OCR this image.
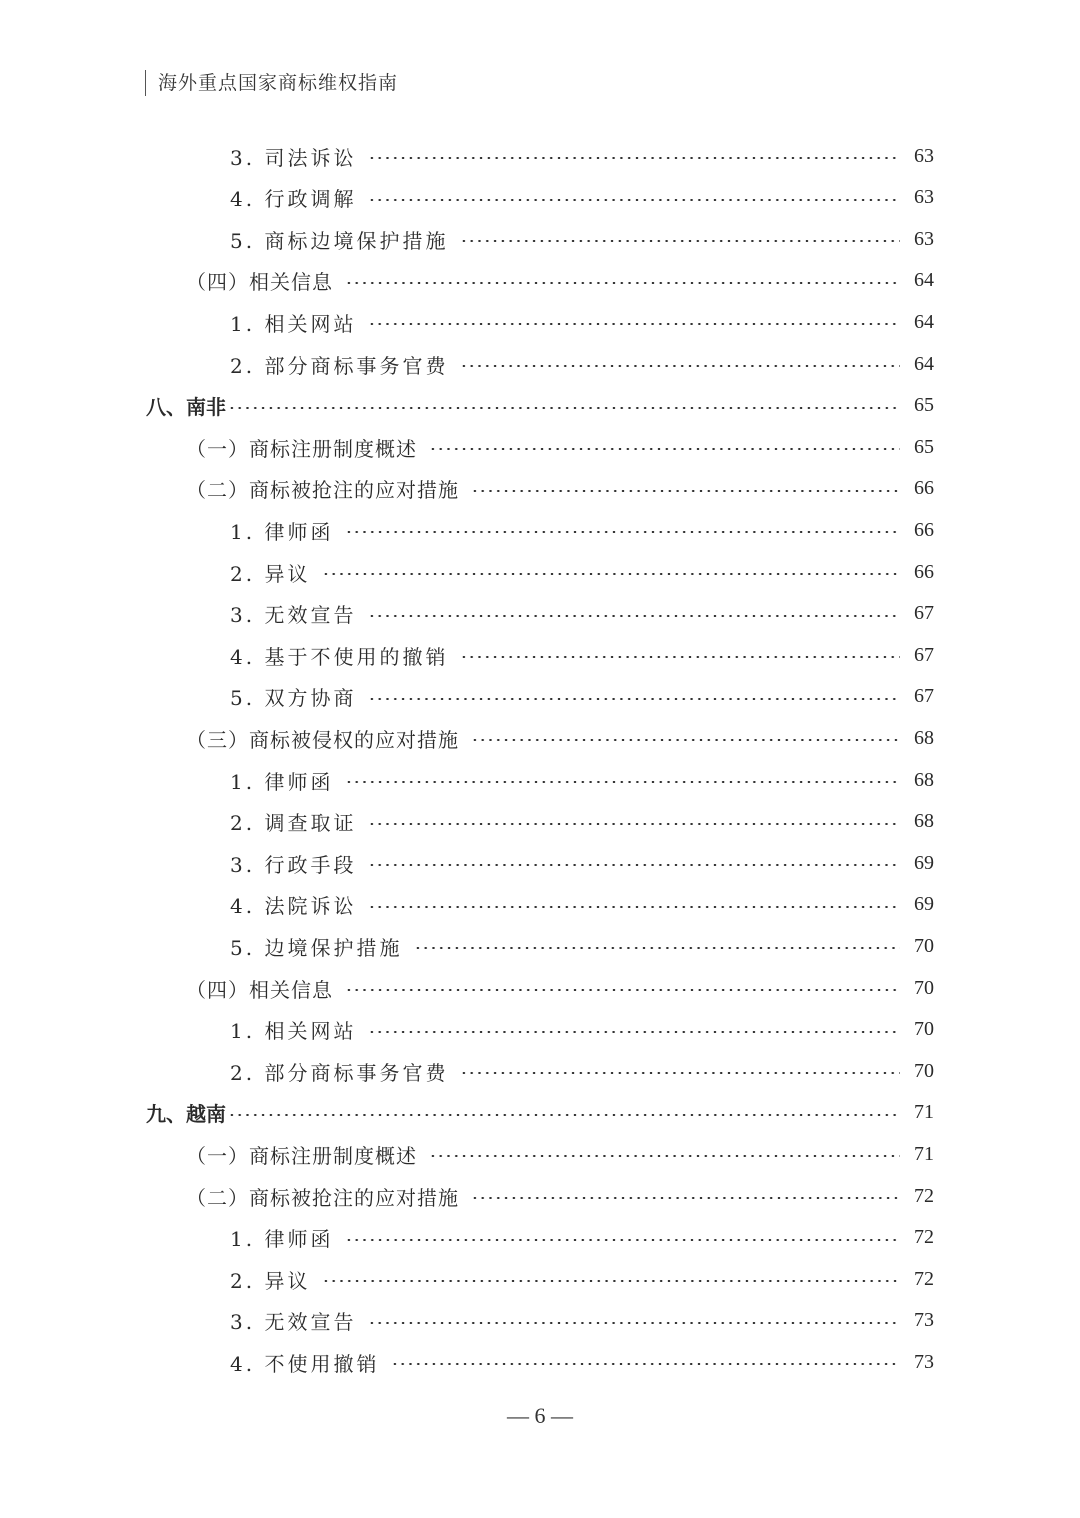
海外重点国家商标维权指南
3. 司法诉讼	63
4. 行政调解	63
5. 商标边境保护措施	63
（四）相关信息	64
1. 相关网站	64
2. 部分商标事务官费	64
八、南非	65
（一）商标注册制度概述	65
（二）商标被抢注的应对措施	66
1. 律师函	66
2. 异议	66
3. 无效宣告	67
4. 基于不使用的撤销	67
5. 双方协商	67
（三）商标被侵权的应对措施	68
1. 律师函	68
2. 调查取证	68
3. 行政手段	69
4. 法院诉讼	69
5. 边境保护措施	70
（四）相关信息	70
1. 相关网站	70
2. 部分商标事务官费	70
九、越南	71
（一）商标注册制度概述	71
（二）商标被抢注的应对措施	72
1. 律师函	72
2. 异议	72
3. 无效宣告	73
4. 不使用撤销	73
— 6 —
